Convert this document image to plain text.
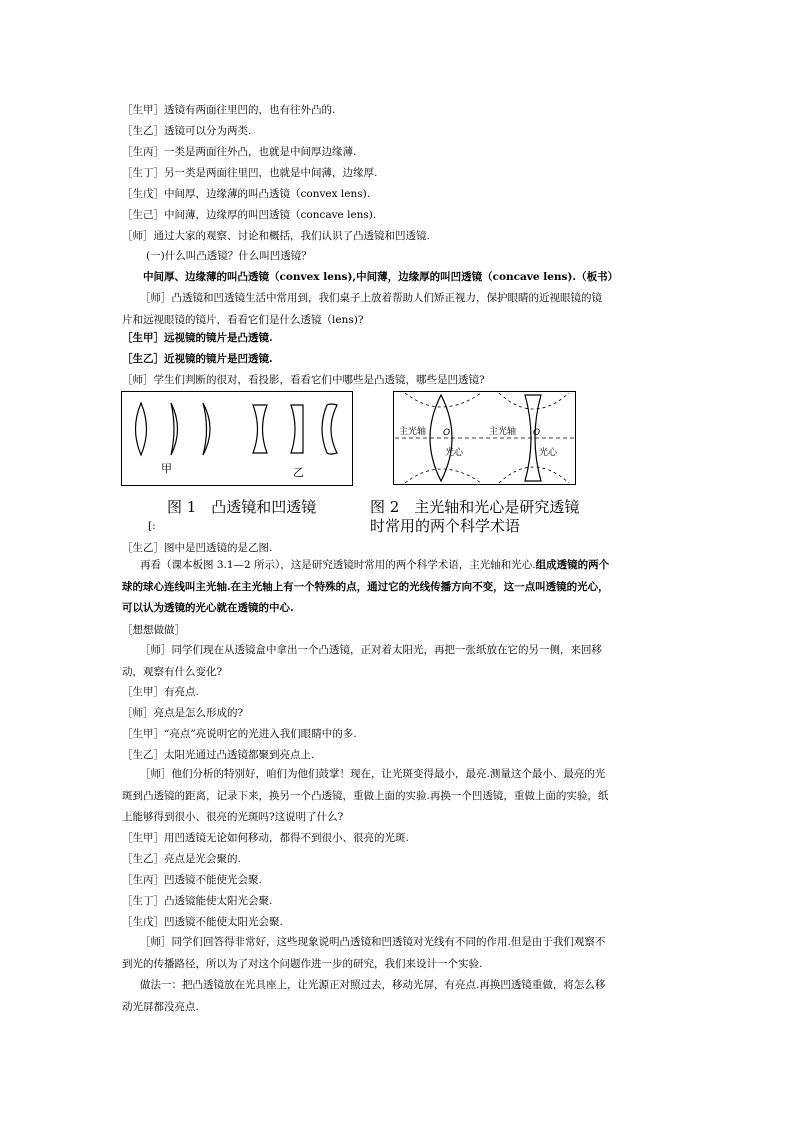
［生甲］透镜有两面往里凹的，也有往外凸的.
［生乙］透镜可以分为两类.
［生丙］一类是两面往外凸，也就是中间厚边缘薄.
［生丁］另一类是两面往里凹，也就是中间薄，边缘厚.
［生戊］中间厚，边缘薄的叫凸透镜（convex lens).
［生己］中间薄，边缘厚的叫凹透镜（concave lens).
［师］通过大家的观察、讨论和概括，我们认识了凸透镜和凹透镜.
(一)什么叫凸透镜？什么叫凹透镜？
中间厚、边缘薄的叫凸透镜（convex lens),中间薄，边缘厚的叫凹透镜（concave lens).（板书）
［师］凸透镜和凹透镜生活中常用到，我们桌子上放着帮助人们矫正视力，保护眼睛的近视眼镜的镜
片和远视眼镜的镜片，看看它们是什么透镜（lens)?
［生甲］远视镜的镜片是凸透镜.
［生乙］近视镜的镜片是凹透镜.
［师］学生们判断的很对，看投影，看看它们中哪些是凸透镜，哪些是凹透镜?
甲	乙
主光轴 O
光心
主光轴 O
光心
图 1　凸透镜和凹透镜	图 2　主光轴和光心是研究透镜
时常用的两个科学术语
[:
［生乙］图中是凹透镜的是乙图.
再看（课本板图 3.1—2 所示），这是研究透镜时常用的两个科学术语，主光轴和光心.组成透镜的两个
球的球心连线叫主光轴.在主光轴上有一个特殊的点，通过它的光线传播方向不变，这一点叫透镜的光心，
可以认为透镜的光心就在透镜的中心.
［想想做做］
［师］同学们现在从透镜盒中拿出一个凸透镜，正对着太阳光，再把一张纸放在它的另一侧，来回移
动，观察有什么变化?
［生甲］有亮点.
［师］亮点是怎么形成的?
［生甲］“亮点”亮说明它的光进入我们眼睛中的多.
［生乙］太阳光通过凸透镜都聚到亮点上.
［师］他们分析的特别好，咱们为他们鼓掌！现在，让光斑变得最小，最亮.测量这个最小、最亮的光
斑到凸透镜的距离，记录下来，换另一个凸透镜，重做上面的实验.再换一个凹透镜，重做上面的实验，纸
上能够得到很小、很亮的光斑吗?这说明了什么?
［生甲］用凹透镜无论如何移动，都得不到很小、很亮的光斑.
［生乙］亮点是光会聚的.
［生丙］凹透镜不能使光会聚.
［生丁］凸透镜能使太阳光会聚.
［生戊］凹透镜不能使太阳光会聚.
［师］同学们回答得非常好，这些现象说明凸透镜和凹透镜对光线有不同的作用.但是由于我们观察不
到光的传播路径，所以为了对这个问题作进一步的研究，我们来设计一个实验.
做法一：把凸透镜放在光具座上，让光源正对照过去，移动光屏，有亮点.再换凹透镜重做，将怎么移
动光屏都没亮点.
